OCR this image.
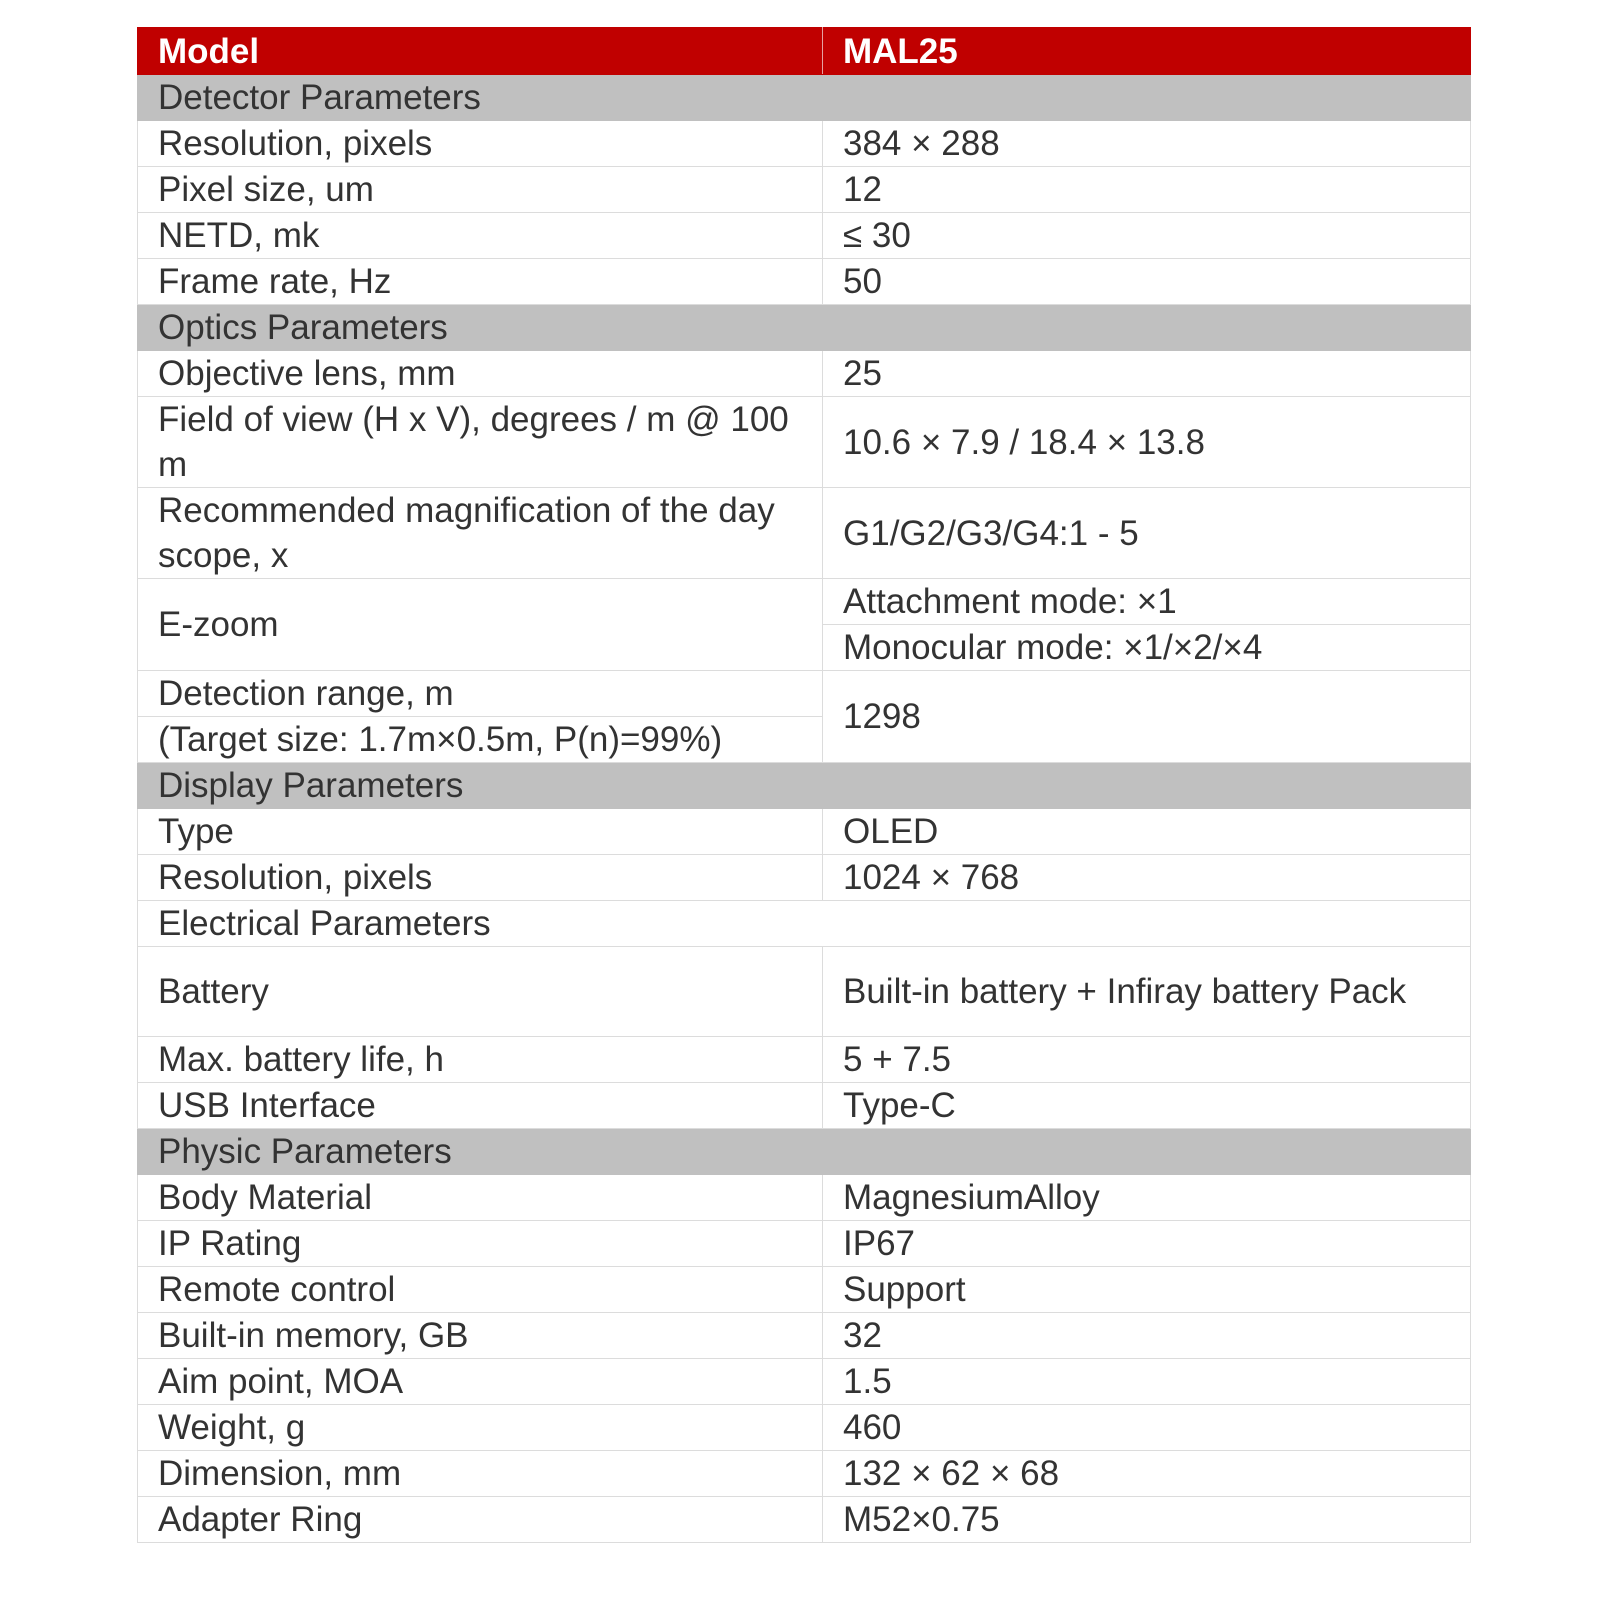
Model	MAL25
Detector Parameters	
Resolution, pixels	384 × 288
Pixel size, um	12
NETD, mk	≤ 30
Frame rate, Hz	50
Optics Parameters	
Objective lens, mm	25
Field of view (H x V), degrees / m @ 100 m	10.6 × 7.9 / 18.4 × 13.8
Recommended magnification of the day scope, x	G1/G2/G3/G4:1 - 5
E-zoom	Attachment mode: ×1
	Monocular mode: ×1/×2/×4
Detection range, m	1298
(Target size: 1.7m×0.5m, P(n)=99%)	
Display Parameters	
Type	OLED
Resolution, pixels	1024 × 768
Electrical Parameters	
Battery	Built-in battery + Infiray battery Pack
Max. battery life, h	5 + 7.5
USB Interface	Type-C
Physic Parameters	
Body Material	MagnesiumAlloy
IP Rating	IP67
Remote control	Support
Built-in memory, GB	32
Aim point, MOA	1.5
Weight, g	460
Dimension, mm	132 × 62 × 68
Adapter Ring	M52×0.75
